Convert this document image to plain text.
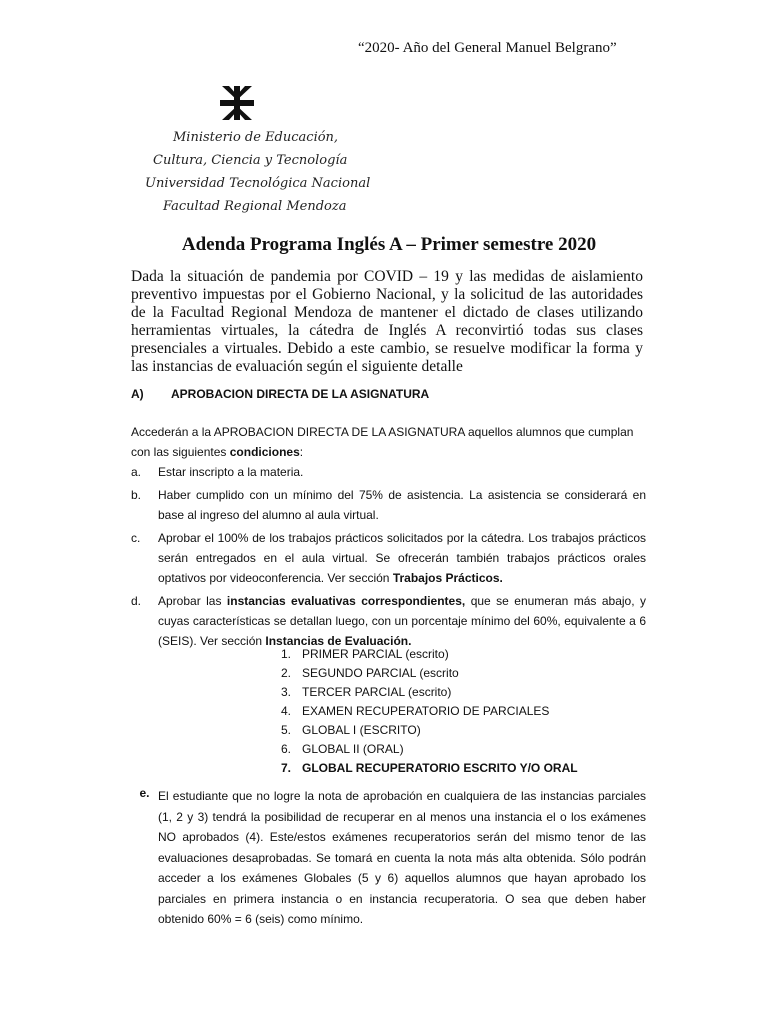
“2020- Año del General Manuel Belgrano”
Ministerio de Educación,
Cultura, Ciencia y Tecnología
Universidad Tecnológica Nacional
Facultad Regional Mendoza
Adenda Programa Inglés A – Primer semestre 2020

Dada la situación de pandemia por COVID – 19 y las medidas de aislamiento preventivo impuestas por el Gobierno Nacional, y la solicitud de las autoridades de la Facultad Regional Mendoza de mantener el dictado de clases utilizando herramientas virtuales, la cátedra de Inglés A reconvirtió todas sus clases presenciales a virtuales. Debido a este cambio, se resuelve modificar la forma y las instancias de evaluación según el siguiente detalle

A)	APROBACION DIRECTA DE LA ASIGNATURA

Accederán a la APROBACION DIRECTA DE LA ASIGNATURA aquellos alumnos que cumplan con las siguientes condiciones:

a.	Estar inscripto a la materia.
b.	Haber cumplido con un mínimo del 75% de asistencia. La asistencia se considerará en base al ingreso del alumno al aula virtual.
c.	Aprobar el 100% de los trabajos prácticos solicitados por la cátedra. Los trabajos prácticos serán entregados en el aula virtual. Se ofrecerán también trabajos prácticos orales optativos por videoconferencia. Ver sección Trabajos Prácticos.
d.	Aprobar las instancias evaluativas correspondientes, que se enumeran más abajo, y cuyas características se detallan luego, con un porcentaje mínimo del 60%, equivalente a 6 (SEIS). Ver sección Instancias de Evaluación.
1. PRIMER PARCIAL (escrito)
2. SEGUNDO PARCIAL (escrito
3. TERCER PARCIAL (escrito)
4. EXAMEN RECUPERATORIO DE PARCIALES
5. GLOBAL I (ESCRITO)
6. GLOBAL II (ORAL)
7. GLOBAL RECUPERATORIO ESCRITO Y/O ORAL
e. El estudiante que no logre la nota de aprobación en cualquiera de las instancias parciales (1, 2 y 3) tendrá la posibilidad de recuperar en al menos una instancia el o los exámenes NO aprobados (4). Este/estos exámenes recuperatorios serán del mismo tenor de las evaluaciones desaprobadas. Se tomará en cuenta la nota más alta obtenida. Sólo podrán acceder a los exámenes Globales (5 y 6) aquellos alumnos que hayan aprobado los parciales en primera instancia o en instancia recuperatoria. O sea que deben haber obtenido 60% = 6 (seis) como mínimo.
